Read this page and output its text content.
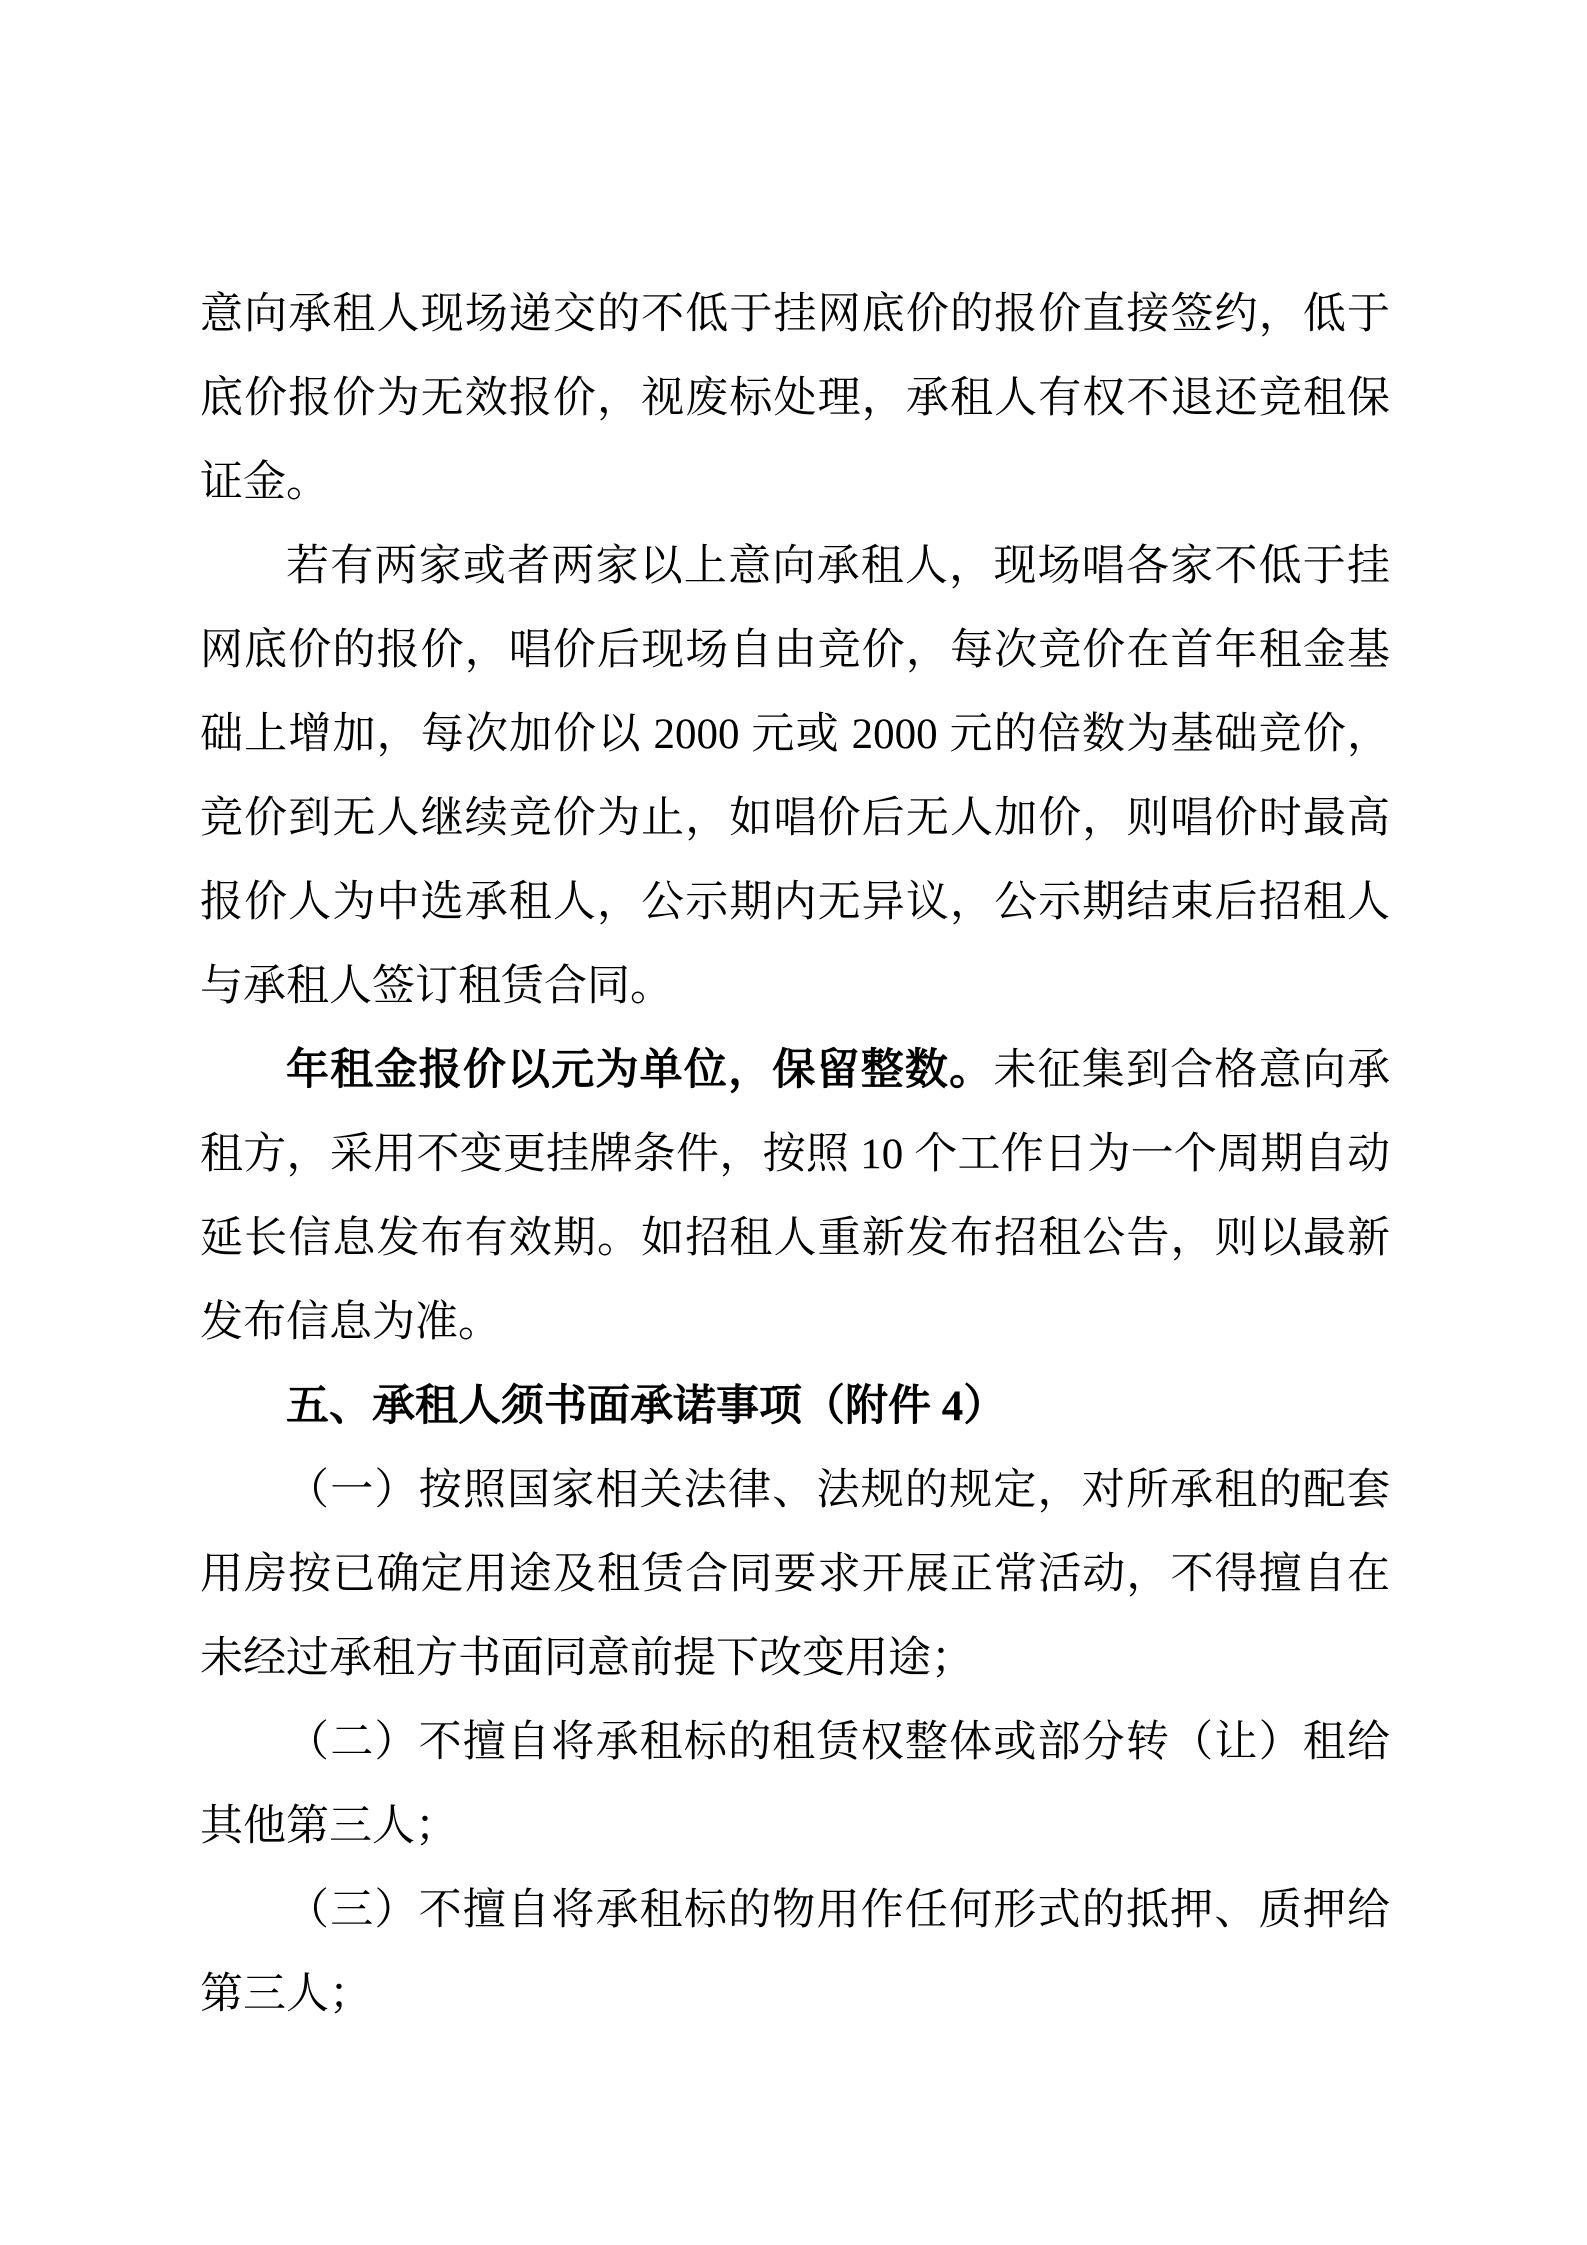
意向承租人现场递交的不低于挂网底价的报价直接签约，低于底价报价为无效报价，视废标处理，承租人有权不退还竞租保证金。

若有两家或者两家以上意向承租人，现场唱各家不低于挂网底价的报价，唱价后现场自由竞价，每次竞价在首年租金基础上增加，每次加价以 2000 元或 2000 元的倍数为基础竞价，竞价到无人继续竞价为止，如唱价后无人加价，则唱价时最高报价人为中选承租人，公示期内无异议，公示期结束后招租人与承租人签订租赁合同。

年租金报价以元为单位，保留整数。未征集到合格意向承租方，采用不变更挂牌条件，按照 10 个工作日为一个周期自动延长信息发布有效期。如招租人重新发布招租公告，则以最新发布信息为准。

五、承租人须书面承诺事项（附件 4）

（一）按照国家相关法律、法规的规定，对所承租的配套用房按已确定用途及租赁合同要求开展正常活动，不得擅自在未经过承租方书面同意前提下改变用途；

（二）不擅自将承租标的租赁权整体或部分转（让）租给其他第三人；

（三）不擅自将承租标的物用作任何形式的抵押、质押给第三人；
